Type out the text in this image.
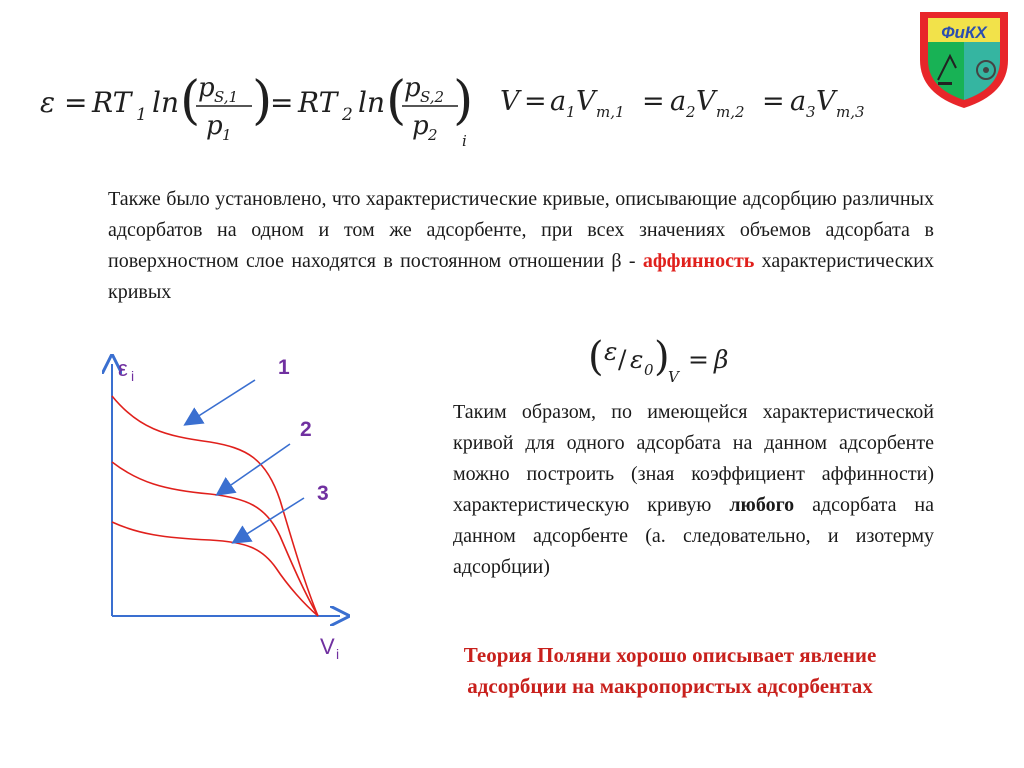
ФиКХ
ε = RT 1 ln (
p S,1
p 1
)
= RT 2 ln (
p S,2
p 2
)
i
V = a 1 V m,1 = a 2 V m,2 = a 3 V m,3
Также было установлено, что характеристические кривые, описывающие адсорбцию различных адсорбатов на одном и том же адсорбенте, при всех значениях объемов адсорбата в поверхностном слое находятся в постоянном отношении β - аффинность характеристических кривых
( ε / ε 0 )
V
= β
ε i
V i
1
2
3
Таким образом, по имеющейся характеристической кривой для одного адсорбата на данном адсорбенте можно построить (зная коэффициент аффинности) характеристическую кривую любого адсорбата на данном адсорбенте (а. следовательно, и изотерму адсорбции)
Теория Поляни хорошо описывает явление
адсорбции на макропористых адсорбентах
